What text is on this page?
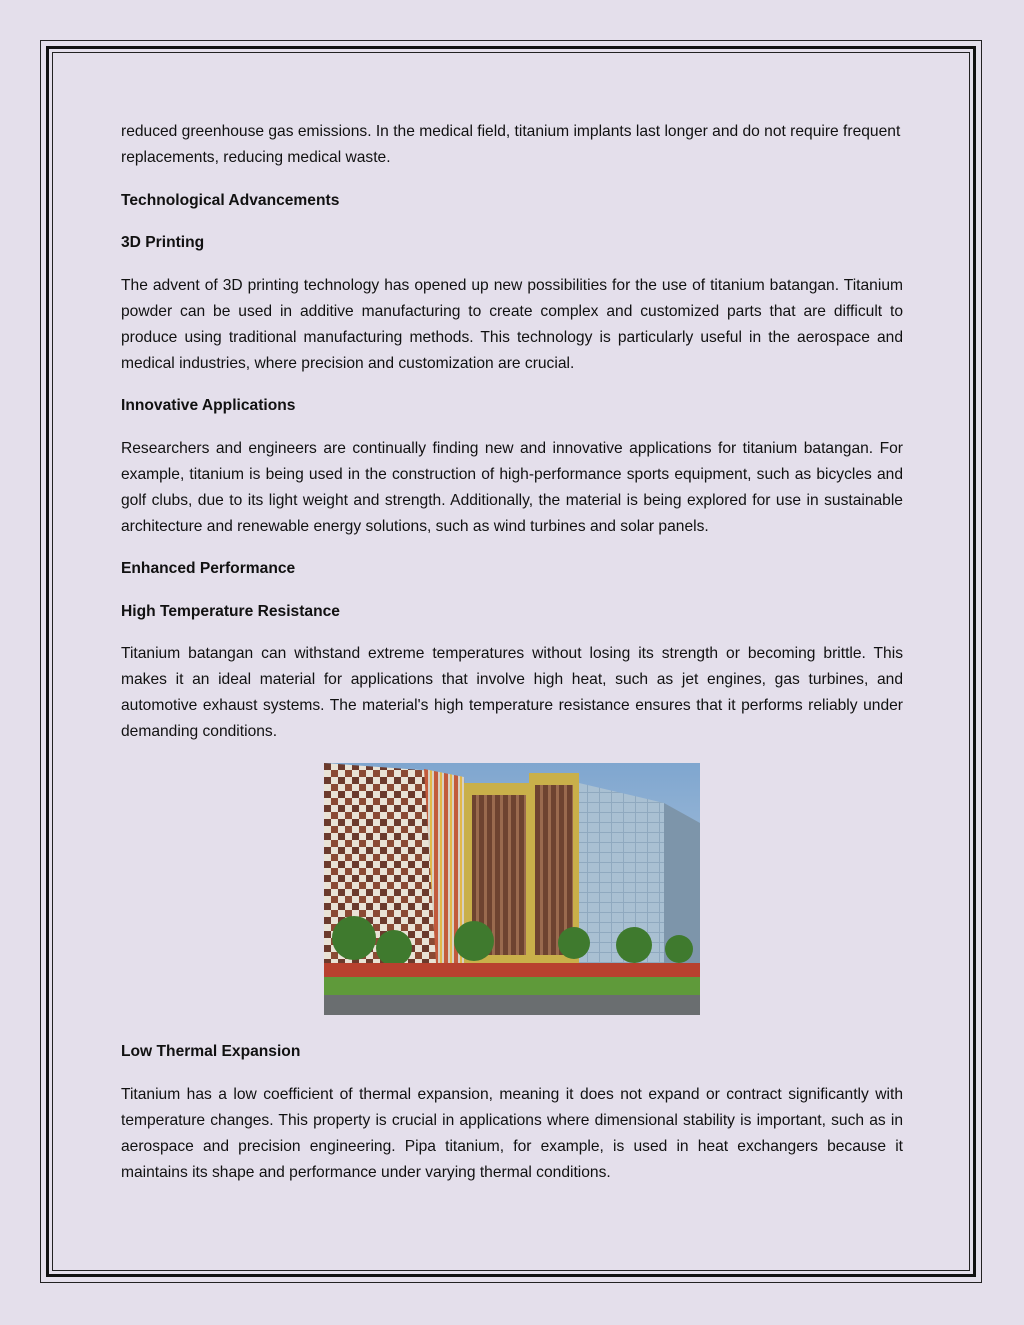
reduced greenhouse gas emissions. In the medical field, titanium implants last longer and do not require frequent replacements, reducing medical waste.

Technological Advancements
3D Printing

The advent of 3D printing technology has opened up new possibilities for the use of titanium batangan. Titanium powder can be used in additive manufacturing to create complex and customized parts that are difficult to produce using traditional manufacturing methods. This technology is particularly useful in the aerospace and medical industries, where precision and customization are crucial.

Innovative Applications

Researchers and engineers are continually finding new and innovative applications for titanium batangan. For example, titanium is being used in the construction of high-performance sports equipment, such as bicycles and golf clubs, due to its light weight and strength. Additionally, the material is being explored for use in sustainable architecture and renewable energy solutions, such as wind turbines and solar panels.

Enhanced Performance
High Temperature Resistance

Titanium batangan can withstand extreme temperatures without losing its strength or becoming brittle. This makes it an ideal material for applications that involve high heat, such as jet engines, gas turbines, and automotive exhaust systems. The material's high temperature resistance ensures that it performs reliably under demanding conditions.

Low Thermal Expansion

Titanium has a low coefficient of thermal expansion, meaning it does not expand or contract significantly with temperature changes. This property is crucial in applications where dimensional stability is important, such as in aerospace and precision engineering. Pipa titanium, for example, is used in heat exchangers because it maintains its shape and performance under varying thermal conditions.
